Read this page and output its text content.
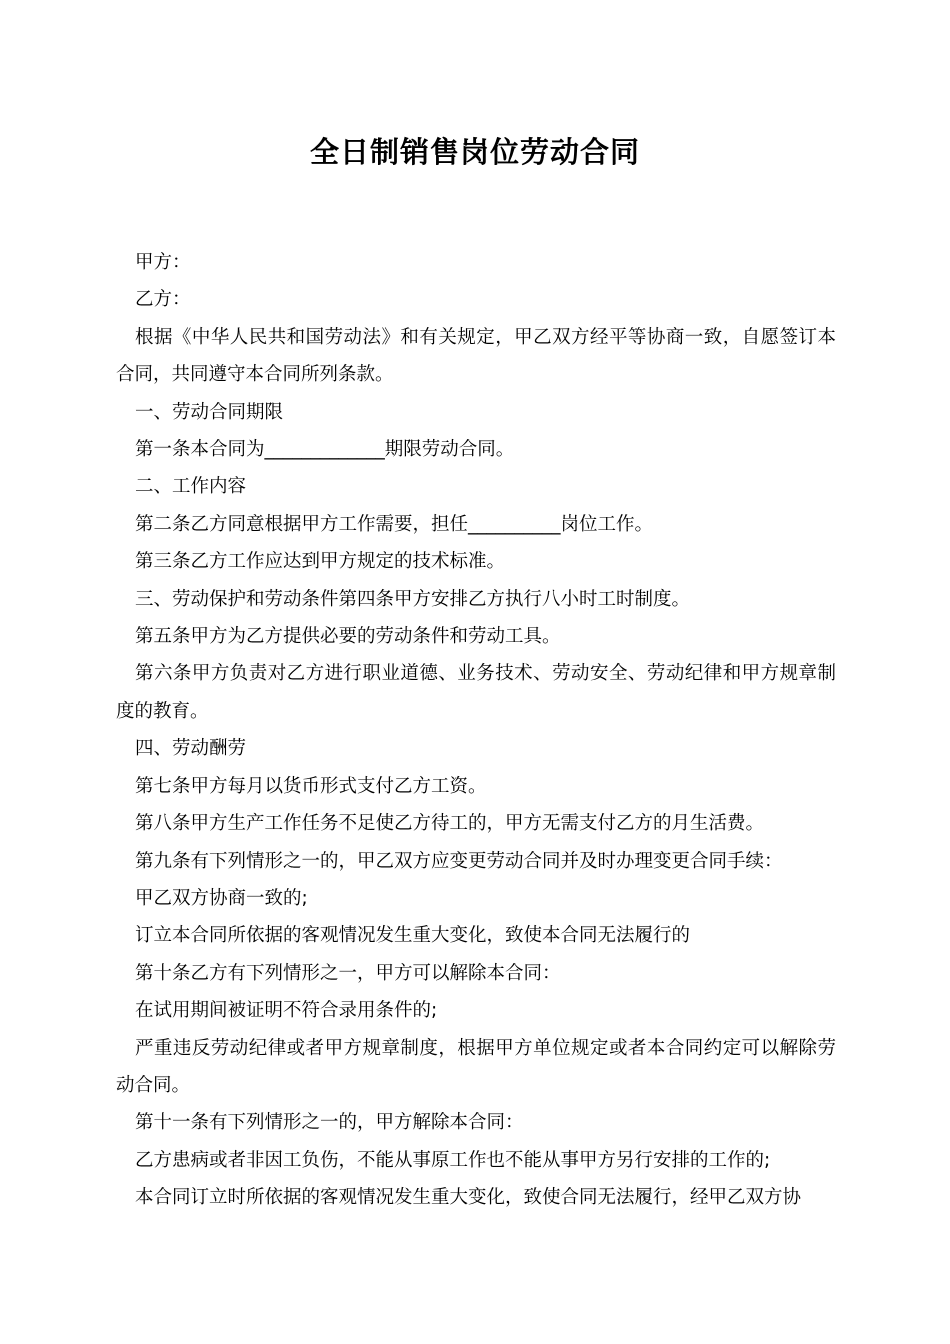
全日制销售岗位劳动合同

甲方：

乙方：

根据《中华人民共和国劳动法》和有关规定，甲乙双方经平等协商一致，自愿签订本合同，共同遵守本合同所列条款。

一、劳动合同期限

第一条本合同为_____________期限劳动合同。

二、工作内容

第二条乙方同意根据甲方工作需要，担任__________岗位工作。

第三条乙方工作应达到甲方规定的技术标准。

三、劳动保护和劳动条件第四条甲方安排乙方执行八小时工时制度。

第五条甲方为乙方提供必要的劳动条件和劳动工具。

第六条甲方负责对乙方进行职业道德、业务技术、劳动安全、劳动纪律和甲方规章制度的教育。

四、劳动酬劳

第七条甲方每月以货币形式支付乙方工资。

第八条甲方生产工作任务不足使乙方待工的，甲方无需支付乙方的月生活费。

第九条有下列情形之一的，甲乙双方应变更劳动合同并及时办理变更合同手续：

甲乙双方协商一致的;

订立本合同所依据的客观情况发生重大变化，致使本合同无法履行的

第十条乙方有下列情形之一，甲方可以解除本合同：

在试用期间被证明不符合录用条件的;

严重违反劳动纪律或者甲方规章制度，根据甲方单位规定或者本合同约定可以解除劳动合同。

第十一条有下列情形之一的，甲方解除本合同：

乙方患病或者非因工负伤，不能从事原工作也不能从事甲方另行安排的工作的;

本合同订立时所依据的客观情况发生重大变化，致使合同无法履行，经甲乙双方协
